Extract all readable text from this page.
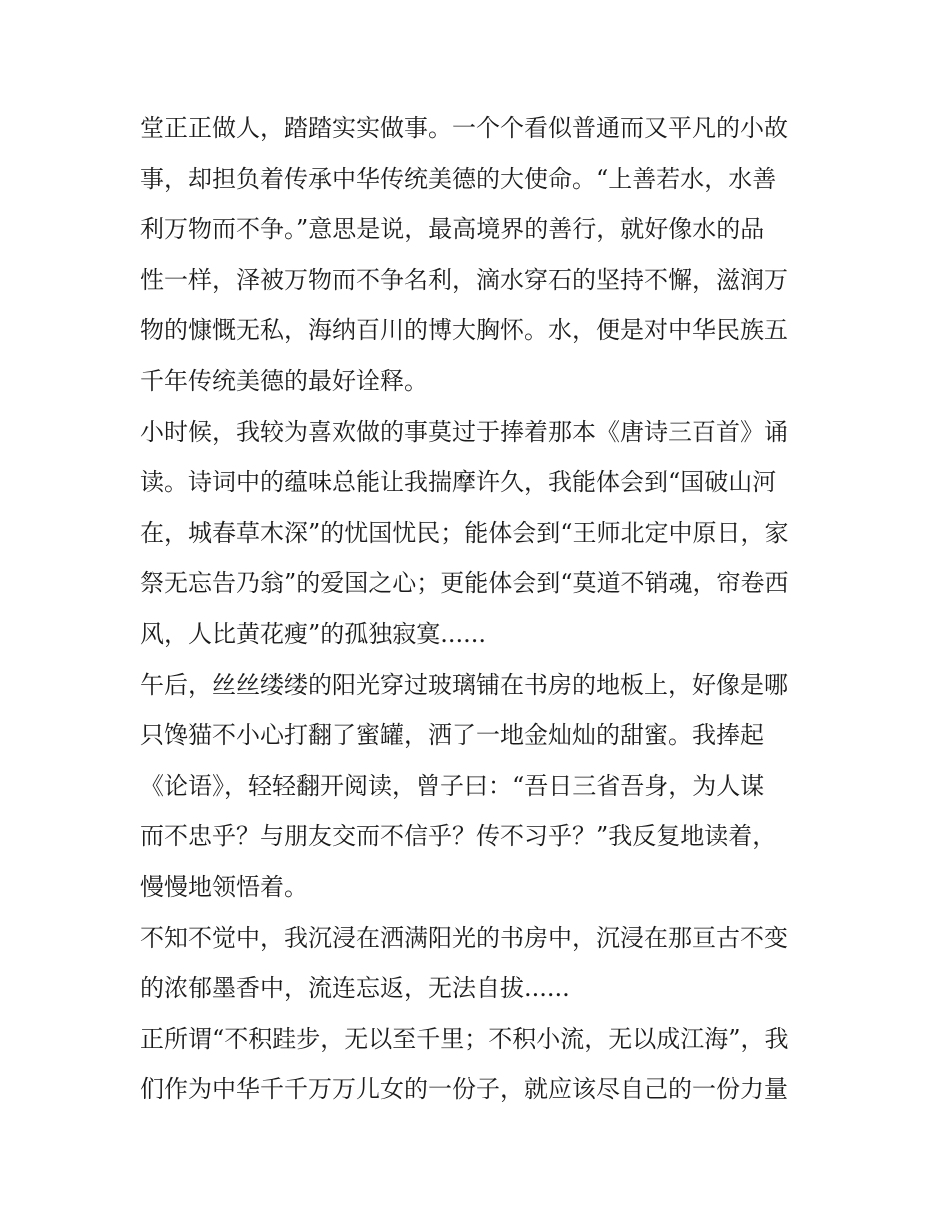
堂正正做人，踏踏实实做事。一个个看似普通而又平凡的小故
事，却担负着传承中华传统美德的大使命。“上善若水，水善
利万物而不争。”意思是说，最高境界的善行，就好像水的品
性一样，泽被万物而不争名利，滴水穿石的坚持不懈，滋润万
物的慷慨无私，海纳百川的博大胸怀。水，便是对中华民族五
千年传统美德的最好诠释。
小时候，我较为喜欢做的事莫过于捧着那本《唐诗三百首》诵
读。诗词中的蕴味总能让我揣摩许久，我能体会到“国破山河
在，城春草木深”的忧国忧民；能体会到“王师北定中原日，家
祭无忘告乃翁”的爱国之心；更能体会到“莫道不销魂，帘卷西
风，人比黄花瘦”的孤独寂寞......
午后，丝丝缕缕的阳光穿过玻璃铺在书房的地板上，好像是哪
只馋猫不小心打翻了蜜罐，洒了一地金灿灿的甜蜜。我捧起
《论语》，轻轻翻开阅读，曾子曰：“吾日三省吾身，为人谋
而不忠乎？与朋友交而不信乎？传不习乎？”我反复地读着，
慢慢地领悟着。
不知不觉中，我沉浸在洒满阳光的书房中，沉浸在那亘古不变
的浓郁墨香中，流连忘返，无法自拔......
正所谓“不积跬步，无以至千里；不积小流，无以成江海”，我
们作为中华千千万万儿女的一份子，就应该尽自己的一份力量
